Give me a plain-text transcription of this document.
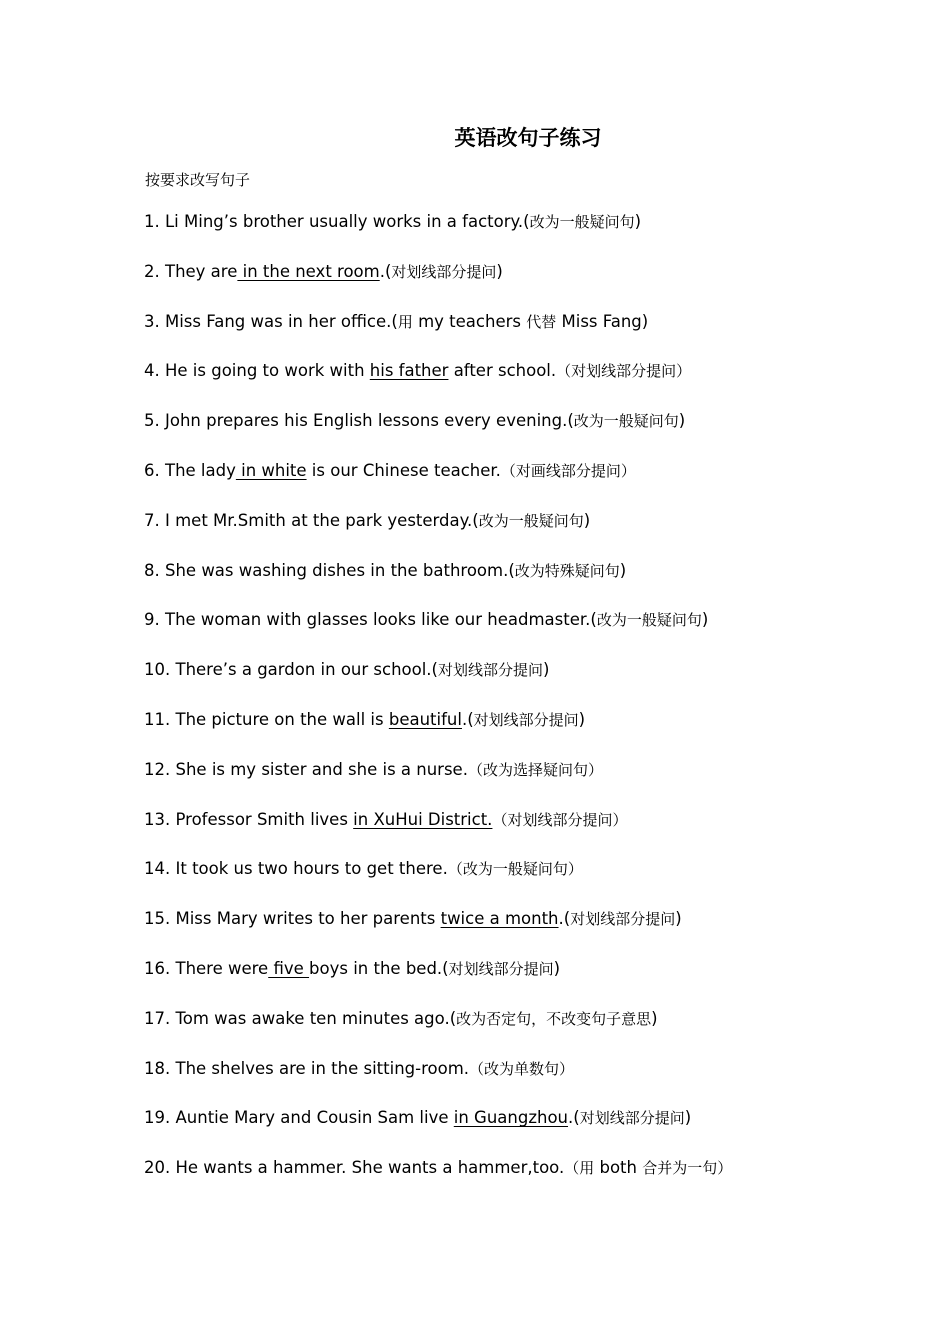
英语改句子练习
按要求改写句子
1. Li Ming’s brother usually works in a factory.(改为一般疑问句)
2. They are in the next room.(对划线部分提问)
3. Miss Fang was in her office.(用 my teachers 代替 Miss Fang)
4. He is going to work with his father after school.（对划线部分提问）
5. John prepares his English lessons every evening.(改为一般疑问句)
6. The lady in white is our Chinese teacher.（对画线部分提问）
7. I met Mr.Smith at the park yesterday.(改为一般疑问句)
8. She was washing dishes in the bathroom.(改为特殊疑问句)
9. The woman with glasses looks like our headmaster.(改为一般疑问句)
10. There’s a gardon in our school.(对划线部分提问)
11. The picture on the wall is beautiful.(对划线部分提问)
12. She is my sister and she is a nurse.（改为选择疑问句）
13. Professor Smith lives in XuHui District.（对划线部分提问）
14. It took us two hours to get there.（改为一般疑问句）
15. Miss Mary writes to her parents twice a month.(对划线部分提问)
16. There were five boys in the bed.(对划线部分提问)
17. Tom was awake ten minutes ago.(改为否定句，不改变句子意思)
18. The shelves are in the sitting-room.（改为单数句）
19. Auntie Mary and Cousin Sam live in Guangzhou.(对划线部分提问)
20. He wants a hammer. She wants a hammer,too.（用 both 合并为一句）
